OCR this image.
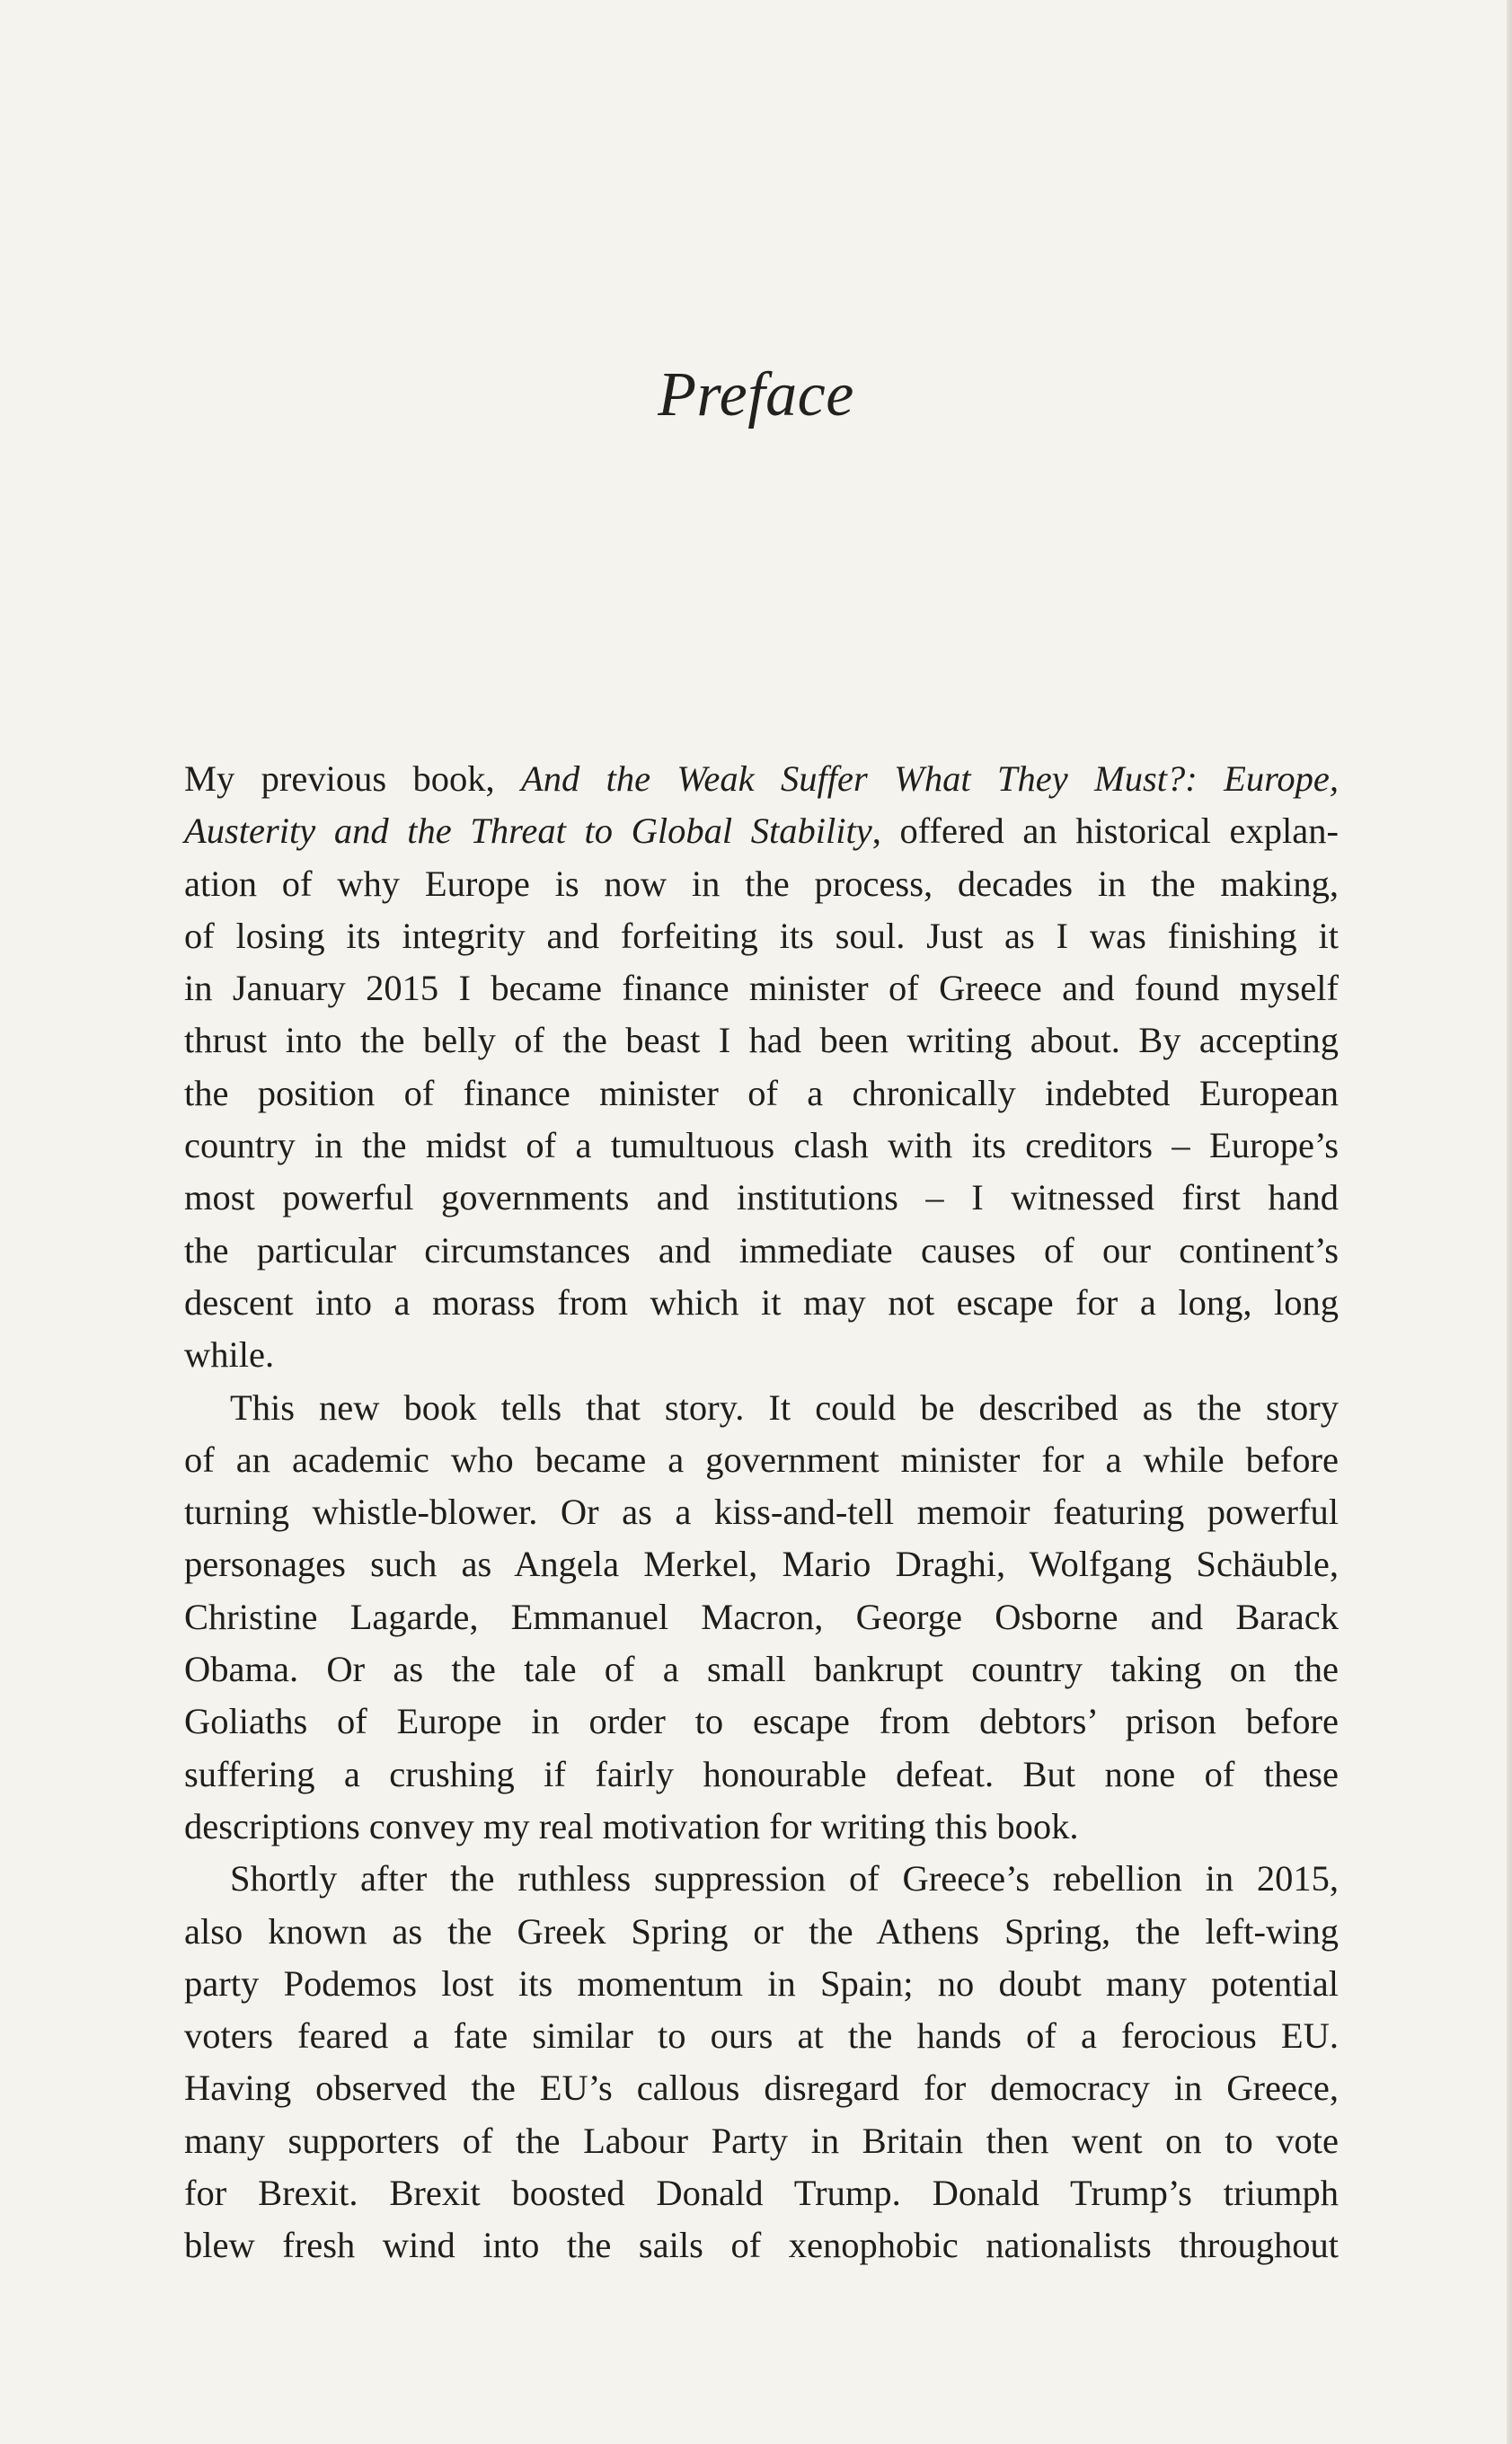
Preface

My previous book, And the Weak Suffer What They Must?: Europe,
Austerity and the Threat to Global Stability, offered an historical explan-
ation of why Europe is now in the process, decades in the making,
of losing its integrity and forfeiting its soul. Just as I was finishing it
in January 2015 I became finance minister of Greece and found myself
thrust into the belly of the beast I had been writing about. By accepting
the position of finance minister of a chronically indebted European
country in the midst of a tumultuous clash with its creditors – Europe’s
most powerful governments and institutions – I witnessed first hand
the particular circumstances and immediate causes of our continent’s
descent into a morass from which it may not escape for a long, long
while.

This new book tells that story. It could be described as the story
of an academic who became a government minister for a while before
turning whistle-blower. Or as a kiss-and-tell memoir featuring powerful
personages such as Angela Merkel, Mario Draghi, Wolfgang Schäuble,
Christine Lagarde, Emmanuel Macron, George Osborne and Barack
Obama. Or as the tale of a small bankrupt country taking on the
Goliaths of Europe in order to escape from debtors’ prison before
suffering a crushing if fairly honourable defeat. But none of these
descriptions convey my real motivation for writing this book.

Shortly after the ruthless suppression of Greece’s rebellion in 2015,
also known as the Greek Spring or the Athens Spring, the left-wing
party Podemos lost its momentum in Spain; no doubt many potential
voters feared a fate similar to ours at the hands of a ferocious EU.
Having observed the EU’s callous disregard for democracy in Greece,
many supporters of the Labour Party in Britain then went on to vote
for Brexit. Brexit boosted Donald Trump. Donald Trump’s triumph
blew fresh wind into the sails of xenophobic nationalists throughout
